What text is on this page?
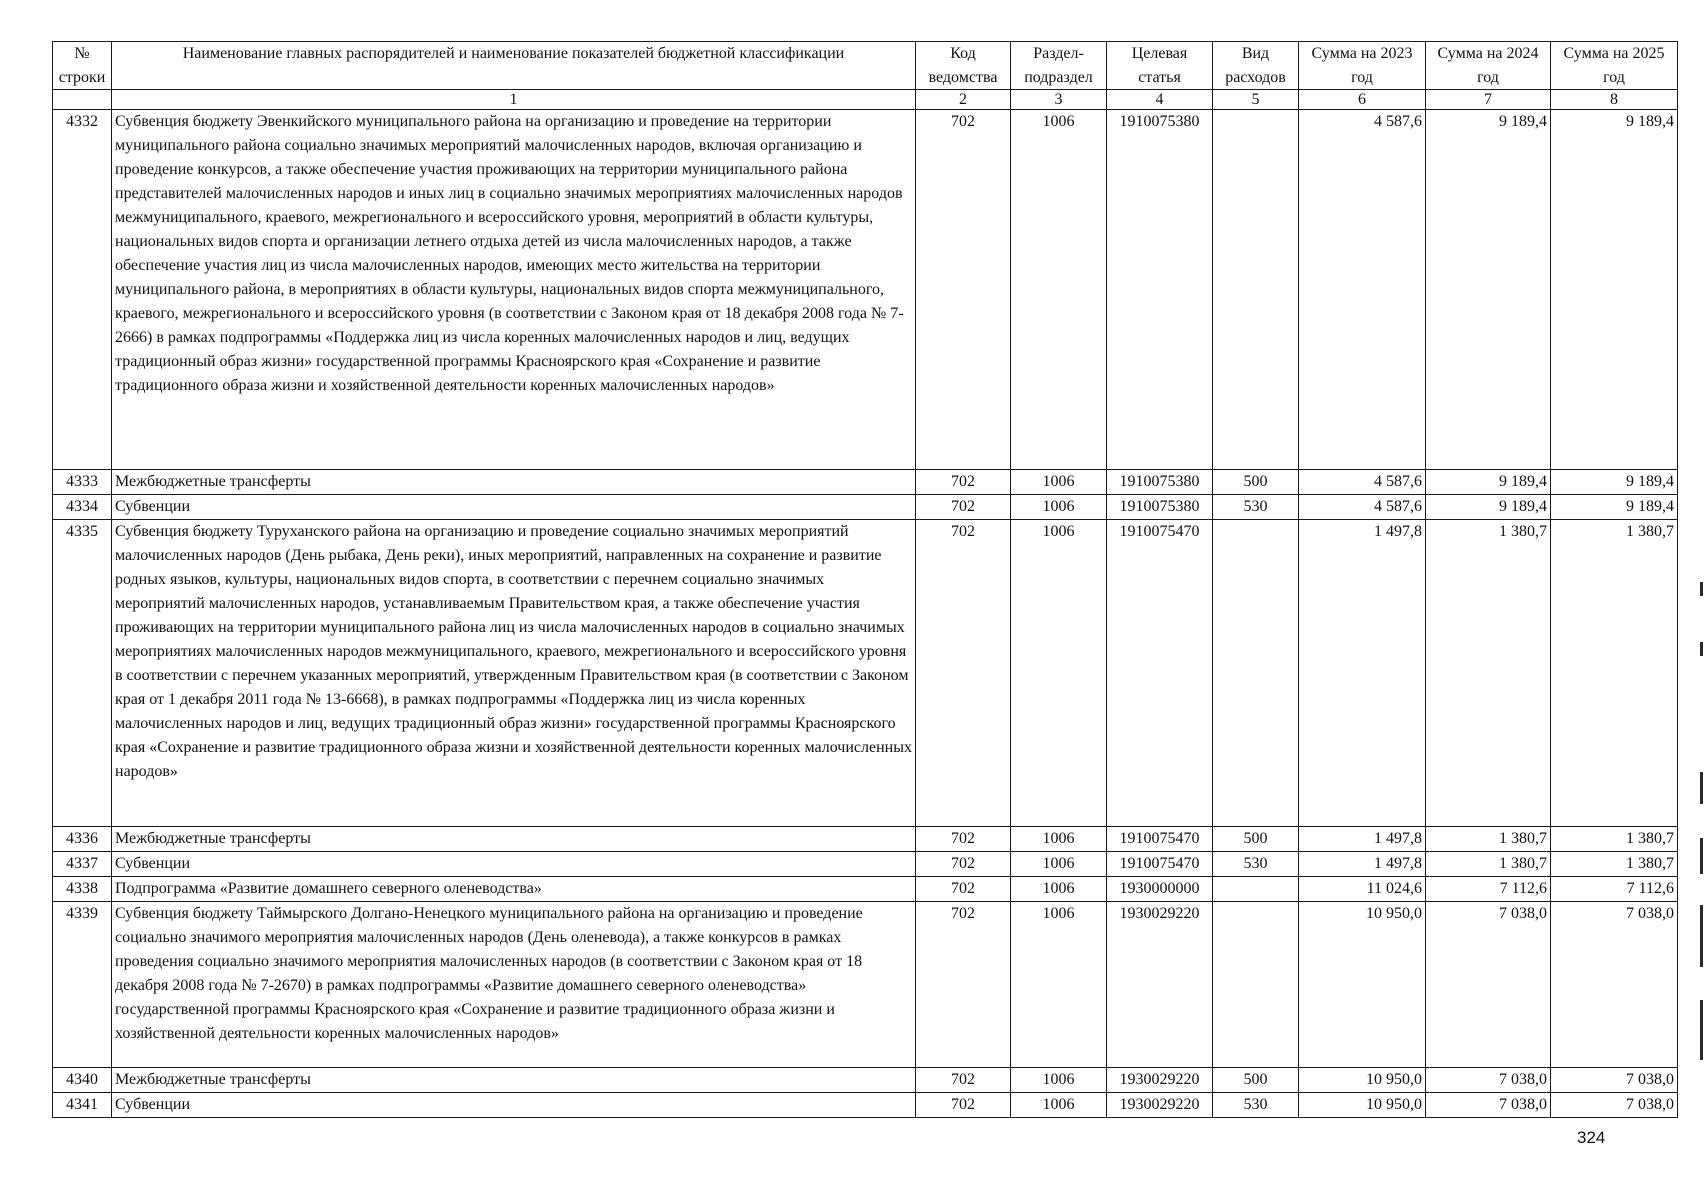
№ строки	Наименование главных распорядителей и наименование показателей бюджетной классификации	Код ведомства	Раздел-подраздел	Целевая статья	Вид расходов	Сумма на 2023 год	Сумма на 2024 год	Сумма на 2025 год
	1	2	3	4	5	6	7	8
4332	Субвенция бюджету Эвенкийского муниципального района на организацию и проведение на территории муниципального района социально значимых мероприятий малочисленных народов, включая организацию и проведение конкурсов, а также обеспечение участия проживающих на территории муниципального района представителей малочисленных народов и иных лиц в социально значимых мероприятиях малочисленных народов межмуниципального, краевого, межрегионального и всероссийского уровня, мероприятий в области культуры, национальных видов спорта и организации летнего отдыха детей из числа малочисленных народов, а также обеспечение участия лиц из числа малочисленных народов, имеющих место жительства на территории муниципального района, в мероприятиях в области культуры, национальных видов спорта межмуниципального, краевого, межрегионального и всероссийского уровня (в соответствии с Законом края от 18 декабря 2008 года № 7-2666) в рамках подпрограммы «Поддержка лиц из числа коренных малочисленных народов и лиц, ведущих традиционный образ жизни» государственной программы Красноярского края «Сохранение и развитие традиционного образа жизни и хозяйственной деятельности коренных малочисленных народов»	702	1006	1910075380		4 587,6	9 189,4	9 189,4
4333	Межбюджетные трансферты	702	1006	1910075380	500	4 587,6	9 189,4	9 189,4
4334	Субвенции	702	1006	1910075380	530	4 587,6	9 189,4	9 189,4
4335	Субвенция бюджету Туруханского района на организацию и проведение социально значимых мероприятий малочисленных народов (День рыбака, День реки), иных мероприятий, направленных на сохранение и развитие родных языков, культуры, национальных видов спорта, в соответствии с перечнем социально значимых мероприятий малочисленных народов, устанавливаемым Правительством края, а также обеспечение участия проживающих на территории муниципального района лиц из числа малочисленных народов в социально значимых мероприятиях малочисленных народов межмуниципального, краевого, межрегионального и всероссийского уровня в соответствии с перечнем указанных мероприятий, утвержденным Правительством края (в соответствии с Законом края от 1 декабря 2011 года № 13-6668), в рамках подпрограммы «Поддержка лиц из числа коренных малочисленных народов и лиц, ведущих традиционный образ жизни» государственной программы Красноярского края «Сохранение и развитие традиционного образа жизни и хозяйственной деятельности коренных малочисленных народов»	702	1006	1910075470		1 497,8	1 380,7	1 380,7
4336	Межбюджетные трансферты	702	1006	1910075470	500	1 497,8	1 380,7	1 380,7
4337	Субвенции	702	1006	1910075470	530	1 497,8	1 380,7	1 380,7
4338	Подпрограмма «Развитие домашнего северного оленеводства»	702	1006	1930000000		11 024,6	7 112,6	7 112,6
4339	Субвенция бюджету Таймырского Долгано-Ненецкого муниципального района на организацию и проведение социально значимого мероприятия малочисленных народов (День оленевода), а также конкурсов в рамках проведения социально значимого мероприятия малочисленных народов (в соответствии с Законом края от 18 декабря 2008 года № 7-2670) в рамках подпрограммы «Развитие домашнего северного оленеводства» государственной программы Красноярского края «Сохранение и развитие традиционного образа жизни и хозяйственной деятельности коренных малочисленных народов»	702	1006	1930029220		10 950,0	7 038,0	7 038,0
4340	Межбюджетные трансферты	702	1006	1930029220	500	10 950,0	7 038,0	7 038,0
4341	Субвенции	702	1006	1930029220	530	10 950,0	7 038,0	7 038,0
324
